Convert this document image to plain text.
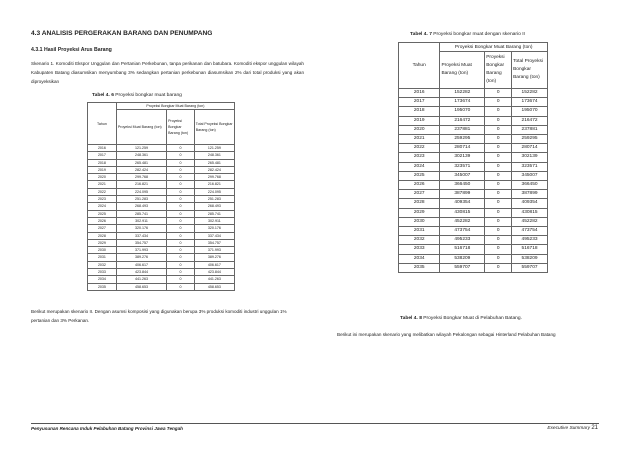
4.3 ANALISIS PERGERAKAN BARANG DAN PENUMPANG
4.3.1 Hasil Proyeksi Arus Barang
Skenario 1. Komoditi Ekspor Unggulan dan Pertanian Perkebunan, tanpa perikanan dan batubara. Komoditi ekspor unggulan wilayah Kabupaten Batang diasumsikan menyumbang 3% sedangkan pertanian perkebunan diasumsikan 2% dari total produksi yang akan diproyeksikan
Tabel 4. 6 Proyeksi bongkar muat barang
Tahun	Proyeksi Bongkar Muat Barang (ton)		
	Proyeksi Muat Barang (ton)	Proyeksi Bongkar Barang (ton)	Total Proyeksi Bongkar Barang (ton)
2016	121.259	0	121.259
2017	248.361	0	248.361
2018	265.481	0	265.481
2019	282.424	0	282.424
2020	299.768	0	299.768
2021	216.821	0	216.821
2022	224.095	0	224.095
2023	251.283	0	251.283
2024	268.493	0	268.493
2025	285.741	0	285.741
2026	302.911	0	302.911
2027	320.176	0	320.176
2028	337.434	0	337.434
2029	354.757	0	354.757
2030	371.993	0	371.993
2031	389.276	0	389.276
2032	406.617	0	406.617
2033	423.844	0	423.844
2034	441.263	0	441.263
2035	458.653	0	458.653
Berikut merupakan skenario II. Dengan asumsi komposisi yang digunakan berupa 3% produksi komoditi industri unggulan 1% pertanian dan 3% Perkanan.
Tabel 4. 7 Proyeksi bongkar muat dengan skenario II
Tahun	Proyeksi Bongkar Muat Barang (ton)		
	Proyeksi Muat Barang (ton)	Proyeksi Bongkar Barang (ton)	Total Proyeksi Bongkar Barang (ton)
2016	152282	0	152282
2017	173674	0	173674
2018	195070	0	195070
2019	216472	0	216472
2020	237881	0	237881
2021	259295	0	259295
2022	280714	0	280714
2023	302139	0	302139
2024	323571	0	323571
2025	345007	0	345007
2026	366450	0	366450
2027	387899	0	387899
2028	409354	0	409354
2029	430815	0	430815
2030	452282	0	452282
2031	473754	0	473754
2032	495233	0	495233
2033	516718	0	516718
2034	538209	0	538209
2035	559707	0	559707
Tabel 4. 8 Proyeksi Bongkar Muat di Pelabuhan Batang.
Berikut ini merupakan skenario yang melibatkan wilayah Pekalongan sebagai Hinterland Pelabuhan Batang
Penyusunan Rencana Induk Pelabuhan Batang Provinsi Jawa Tengah	Executive Summary 21
